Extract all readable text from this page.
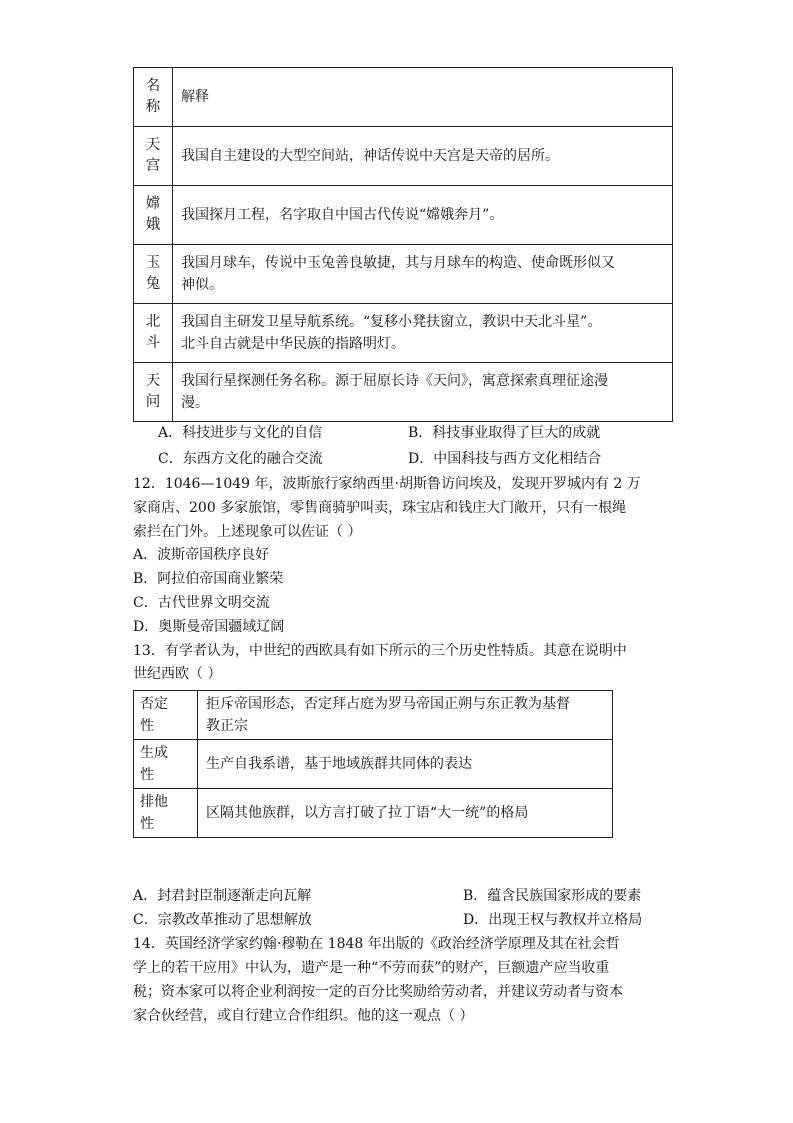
名
称	解释
天
宫	我国自主建设的大型空间站，神话传说中天宫是天帝的居所。
嫦
娥	我国探月工程，名字取自中国古代传说“嫦娥奔月”。
玉
兔	我国月球车，传说中玉兔善良敏捷，其与月球车的构造、使命既形似又
神似。
北
斗	我国自主研发卫星导航系统。“复移小凳扶窗立，教识中天北斗星”。
北斗自古就是中华民族的指路明灯。
天
问	我国行星探测任务名称。源于屈原长诗《天问》，寓意探索真理征途漫
漫。
A．科技进步与文化的自信	B．科技事业取得了巨大的成就
C．东西方文化的融合交流	D．中国科技与西方文化相结合
12．1046—1049 年，波斯旅行家纳西里·胡斯鲁访问埃及，发现开罗城内有 2 万
家商店、200 多家旅馆，零售商骑驴叫卖，珠宝店和钱庄大门敞开，只有一根绳
索拦在门外。上述现象可以佐证（ ）
A．波斯帝国秩序良好
B．阿拉伯帝国商业繁荣
C．古代世界文明交流
D．奥斯曼帝国疆域辽阔
13．有学者认为，中世纪的西欧具有如下所示的三个历史性特质。其意在说明中
世纪西欧（ ）
否定
性	拒斥帝国形态，否定拜占庭为罗马帝国正朔与东正教为基督
教正宗
生成
性	生产自我系谱，基于地域族群共同体的表达
排他
性	区隔其他族群，以方言打破了拉丁语“大一统”的格局
A．封君封臣制逐渐走向瓦解	B．蕴含民族国家形成的要素
C．宗教改革推动了思想解放	D．出现王权与教权并立格局
14．英国经济学家约翰·穆勒在 1848 年出版的《政治经济学原理及其在社会哲
学上的若干应用》中认为，遗产是一种“不劳而获”的财产，巨额遗产应当收重
税；资本家可以将企业利润按一定的百分比奖励给劳动者，并建议劳动者与资本
家合伙经营，或自行建立合作组织。他的这一观点（ ）
